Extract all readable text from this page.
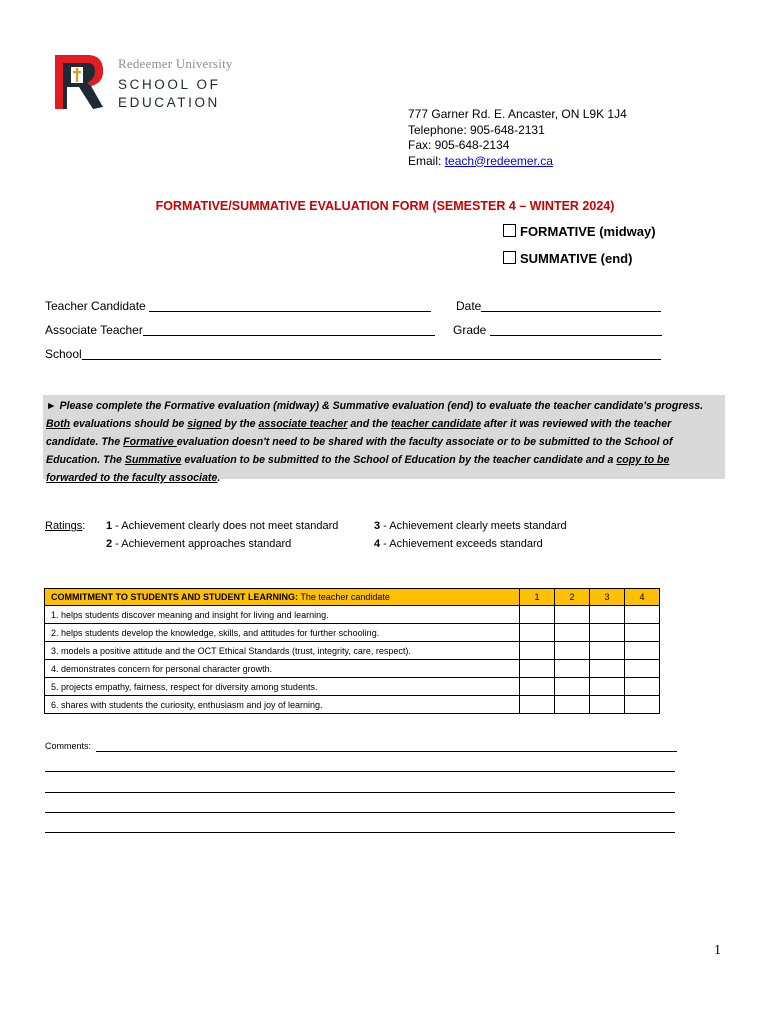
Redeemer University
SCHOOL OF
EDUCATION
777 Garner Rd. E. Ancaster, ON L9K 1J4
Telephone: 905-648-2131
Fax: 905-648-2134
Email: teach@redeemer.ca
FORMATIVE/SUMMATIVE EVALUATION FORM (SEMESTER 4 – WINTER 2024)
FORMATIVE (midway)
SUMMATIVE (end)
Teacher Candidate	Date
Associate Teacher	Grade
School
► Please complete the Formative evaluation (midway) & Summative evaluation (end) to evaluate the teacher candidate's progress. Both evaluations should be signed by the associate teacher and the teacher candidate after it was reviewed with the teacher candidate. The Formative evaluation doesn't need to be shared with the faculty associate or to be submitted to the School of Education. The Summative evaluation to be submitted to the School of Education by the teacher candidate and a copy to be forwarded to the faculty associate.
Ratings: 1 - Achievement clearly does not meet standard
2 - Achievement approaches standard
3 - Achievement clearly meets standard
4 - Achievement exceeds standard
COMMITMENT TO STUDENTS AND STUDENT LEARNING: The teacher candidate	1	2	3	4
1. helps students discover meaning and insight for living and learning.				
2. helps students develop the knowledge, skills, and attitudes for further schooling.				
3. models a positive attitude and the OCT Ethical Standards (trust, integrity, care, respect).				
4. demonstrates concern for personal character growth.				
5. projects empathy, fairness, respect for diversity among students.				
6. shares with students the curiosity, enthusiasm and joy of learning.				
Comments:
1
